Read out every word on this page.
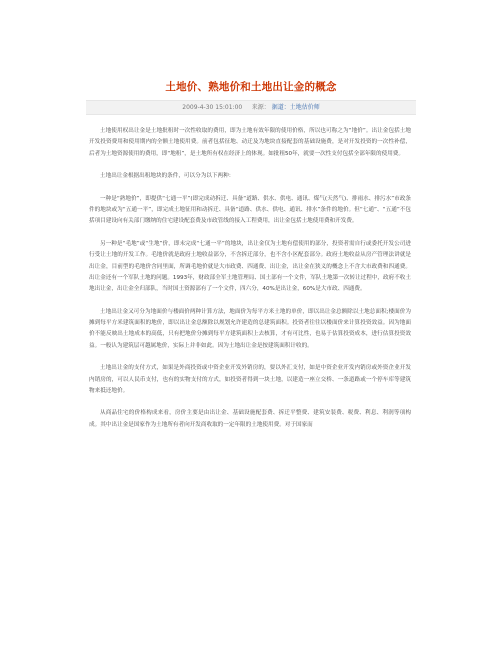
土地价、熟地价和土地出让金的概念
2009-4-30 15:01:00 来源： 据道：土地估价师

土地使用权出让金是土地批租时一次性收取的费用，即为土地有效年限的使用价格，所以也可称之为“地价”。出让金包括土地开发投资费用和使用期内的全额土地使用费。前者包括征地、动迁及为地块直接配套的基础设施费，是对开发投资的一次性补偿，后者为土地资源使用的费用，即“地租”，是土地所有权在经济上的体现。如批租50年，就要一次性支付包括全部年限的使用费。

土地出让金根据出租地块的条件，可以分为以下两种：

一种是“熟地价”，即提供“七通一平”(即完成动拆迁、具备“道路、供水、供电、通讯、煤气(天然气)、排雨水、排污水”市政条件的地块或为“五通一平”，即完成土地征用和动拆迁、具备“道路、供水、供电、通讯、排水”条件的地价。但“七通”、“五通”不包括项目建设向有关部门缴纳的住宅建设配套费及市政管线的接入工程费用，出让金包括土地使用费和开发费。

另一种是“毛地”或“生地”价，即未完成“七通一平”的地块，出让金仅为土地有偿使用的部分，投资者需自行或委托开发公司进行受让土地的开发工作。毛地价就是政府土地收益部分，不含拆迁部分，也不含小区配套部分。政府土地收益从房产管理法讲就是出让金，目前型的毛地价含同里面，所调毛地价就是大市政费、四通费、出让金，出让金在狭义的概念上不含大市政费和四通费。出让金还有一个军队土地的问题。1993年，财政部全军土地管理局、国土部有一个文件，军队土地第一次转让过程中，政府不收土地出让金，出让金全归部队，当时国土资源部有了一个文件，四六分，40%是出让金，60%是大市政、四通费。

土地出让金又可分为地面价与楼面价两种计算方法，地面价为每平方米土地的单价，即以出让金总额除以土地总面积;楼面价为摊到每平方米建筑面积的地价，即以出让金总额除以规划允许建造的总建筑面积。投资者往往以楼面价来计算投资效益。因为地面价不能反映出土地成本的高低，只有把地价分摊到每平方建筑面积上去核算，才有可比性，也易于估算投资成本，进行估算投资效益。一般认为建筑层可越属地价，实际上并非如此。因为土地出让金是按建筑面积计收的。

土地出让金的支付方式，如果是外商投资或中资企业开发外销房的，要以外汇支付，如是中资企业开发内销房或外资企业开发内销房的，可以人民币支付，也有的实物支付的方式，如投资者得到一块土地，以建造一座立交桥、一条道路或一个停车库等建筑物来抵还地价。

从商品住宅的价格构成来看，房价主要是由出让金、基础设施配套费、拆迁平整费、建筑安装费、税费、利息、利润等项构成。其中出让金是国家作为土地所有者向开发商收取的一定年限的土地使用费。对于国家而
